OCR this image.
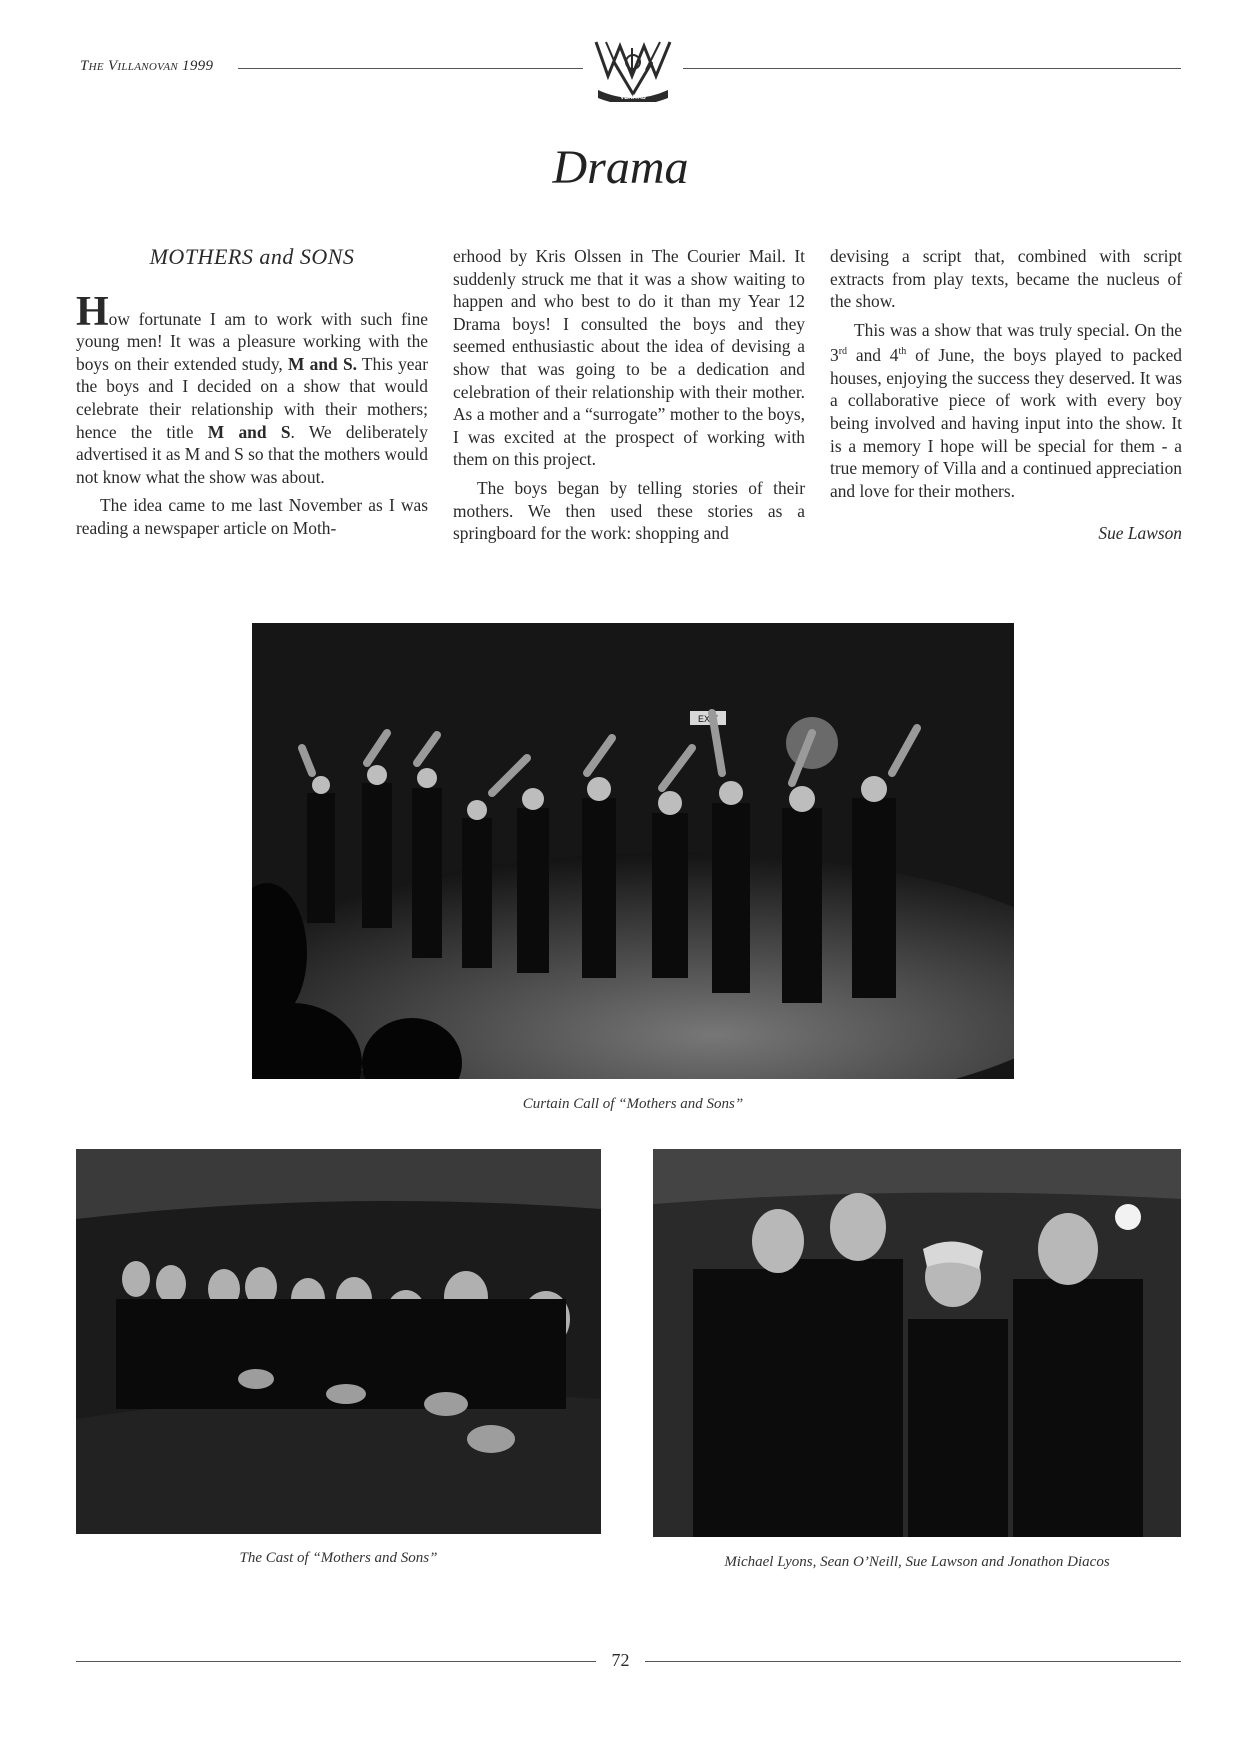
The Villanovan 1999
VERITAS
Drama
MOTHERS and SONS

How fortunate I am to work with such fine young men! It was a pleasure working with the boys on their extended study, M and S. This year the boys and I decided on a show that would celebrate their relationship with their mothers; hence the title M and S. We deliberately advertised it as M and S so that the mothers would not know what the show was about.

The idea came to me last November as I was reading a newspaper article on Moth-

erhood by Kris Olssen in The Courier Mail. It suddenly struck me that it was a show waiting to happen and who best to do it than my Year 12 Drama boys! I consulted the boys and they seemed enthusiastic about the idea of devising a show that was going to be a dedication and celebration of their relationship with their mother. As a mother and a “surrogate” mother to the boys, I was excited at the prospect of working with them on this project.

The boys began by telling stories of their mothers. We then used these stories as a springboard for the work: shopping and

devising a script that, combined with script extracts from play texts, became the nucleus of the show.

This was a show that was truly special. On the 3rd and 4th of June, the boys played to packed houses, enjoying the success they deserved. It was a collaborative piece of work with every boy being involved and having input into the show. It is a memory I hope will be special for them - a true memory of Villa and a continued appreciation and love for their mothers.

Sue Lawson
EXIT
Curtain Call of “Mothers and Sons”
The Cast of “Mothers and Sons”	Michael Lyons, Sean O’Neill, Sue Lawson and Jonathon Diacos
72
